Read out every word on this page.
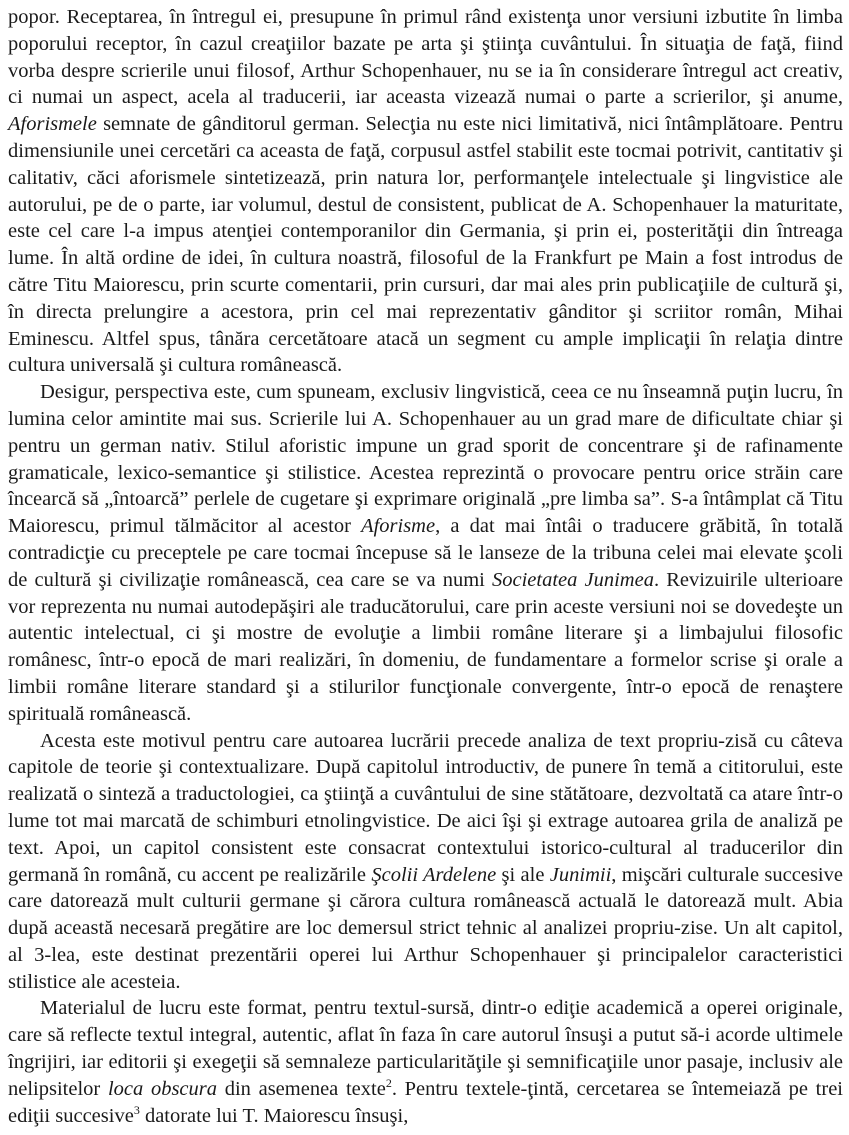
popor. Receptarea, în întregul ei, presupune în primul rând existenţa unor versiuni izbutite în limba poporului receptor, în cazul creaţiilor bazate pe arta şi ştiinţa cuvântului. În situaţia de faţă, fiind vorba despre scrierile unui filosof, Arthur Schopenhauer, nu se ia în considerare întregul act creativ, ci numai un aspect, acela al traducerii, iar aceasta vizează numai o parte a scrierilor, şi anume, Aforismele semnate de gânditorul german. Selecţia nu este nici limitativă, nici întâmplătoare. Pentru dimensiunile unei cercetări ca aceasta de faţă, corpusul astfel stabilit este tocmai potrivit, cantitativ şi calitativ, căci aforismele sintetizează, prin natura lor, performanţele intelectuale şi lingvistice ale autorului, pe de o parte, iar volumul, destul de consistent, publicat de A. Schopenhauer la maturitate, este cel care l-a impus atenţiei contemporanilor din Germania, şi prin ei, posterităţii din întreaga lume. În altă ordine de idei, în cultura noastră, filosoful de la Frankfurt pe Main a fost introdus de către Titu Maiorescu, prin scurte comentarii, prin cursuri, dar mai ales prin publicaţiile de cultură şi, în directa prelungire a acestora, prin cel mai reprezentativ gânditor şi scriitor român, Mihai Eminescu. Altfel spus, tânăra cercetătoare atacă un segment cu ample implicaţii în relaţia dintre cultura universală şi cultura românească.

Desigur, perspectiva este, cum spuneam, exclusiv lingvistică, ceea ce nu înseamnă puţin lucru, în lumina celor amintite mai sus. Scrierile lui A. Schopenhauer au un grad mare de dificultate chiar şi pentru un german nativ. Stilul aforistic impune un grad sporit de concentrare şi de rafinamente gramaticale, lexico-semantice şi stilistice. Acestea reprezintă o provocare pentru orice străin care încearcă să „întoarcă” perlele de cugetare şi exprimare originală „pre limba sa”. S-a întâmplat că Titu Maiorescu, primul tălmăcitor al acestor Aforisme, a dat mai întâi o traducere grăbită, în totală contradicţie cu preceptele pe care tocmai începuse să le lanseze de la tribuna celei mai elevate şcoli de cultură şi civilizaţie românească, cea care se va numi Societatea Junimea. Revizuirile ulterioare vor reprezenta nu numai autodepăşiri ale traducătorului, care prin aceste versiuni noi se dovedeşte un autentic intelectual, ci şi mostre de evoluţie a limbii române literare şi a limbajului filosofic românesc, într-o epocă de mari realizări, în domeniu, de fundamentare a formelor scrise şi orale a limbii române literare standard şi a stilurilor funcţionale convergente, într-o epocă de renaştere spirituală românească.

Acesta este motivul pentru care autoarea lucrării precede analiza de text propriu-zisă cu câteva capitole de teorie şi contextualizare. După capitolul introductiv, de punere în temă a cititorului, este realizată o sinteză a traductologiei, ca ştiinţă a cuvântului de sine stătătoare, dezvoltată ca atare într-o lume tot mai marcată de schimburi etnolingvistice. De aici îşi şi extrage autoarea grila de analiză pe text. Apoi, un capitol consistent este consacrat contextului istorico-cultural al traducerilor din germană în română, cu accent pe realizările Şcolii Ardelene şi ale Junimii, mişcări culturale succesive care datorează mult culturii germane şi cărora cultura românească actuală le datorează mult. Abia după această necesară pregătire are loc demersul strict tehnic al analizei propriu-zise. Un alt capitol, al 3-lea, este destinat prezentării operei lui Arthur Schopenhauer şi principalelor caracteristici stilistice ale acesteia.

Materialul de lucru este format, pentru textul-sursă, dintr-o ediţie academică a operei originale, care să reflecte textul integral, autentic, aflat în faza în care autorul însuşi a putut să-i acorde ultimele îngrijiri, iar editorii şi exegeţii să semnaleze particularităţile şi semnificaţiile unor pasaje, inclusiv ale nelipsitelor loca obscura din asemenea texte$^2$. Pentru textele-ţintă, cercetarea se întemeiază pe trei ediţii succesive$^3$ datorate lui T. Maiorescu însuşi,
